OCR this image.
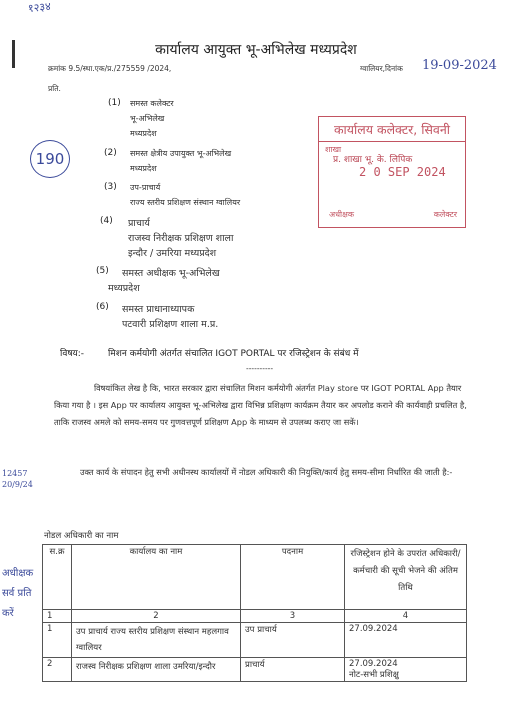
१२३४
कार्यालय आयुक्त भू-अभिलेख मध्यप्रदेश
क्रमांक 9.5/स्था.एक/प्र./275559 /2024,	ग्वालियर,दिनांक 19-09-2024
प्रति.
(1) समस्त कलेक्टर
भू-अभिलेख
मध्यप्रदेश
(2) समस्त क्षेत्रीय उपायुक्त भू-अभिलेख
मध्यप्रदेश
(3) उप-प्राचार्य
राज्य स्तरीय प्रशिक्षण संस्थान ग्वालियर
(4) प्राचार्य
राजस्व निरीक्षक प्रशिक्षण शाला
इन्दौर / उमरिया मध्यप्रदेश
(5) समस्त अधीक्षक भू-अभिलेख
मध्यप्रदेश
(6) समस्त प्राधानाध्यापक
पटवारी प्रशिक्षण शाला म.प्र.
कार्यालय कलेक्टर, सिवनी
शाखा
प्र. शाखा भू. के. लिपिक
2 0 SEP 2024
अधीक्षक	कलेक्टर
190
विषय:-	मिशन कर्मयोगी अंतर्गत संचालित IGOT PORTAL पर रजिस्ट्रेशन के संबंध में
----------
विषयांकित लेख है कि, भारत सरकार द्वारा संचालित मिशन कर्मयोगी अंतर्गत Play store पर IGOT PORTAL App तैयार किया गया है । इस App पर कार्यालय आयुक्त भू-अभिलेख द्वारा विभिन्न प्रशिक्षण कार्यक्रम तैयार कर अपलोड कराने की कार्यवाही प्रचलित है, ताकि राजस्व अमले को समय-समय पर गुणवत्तपूर्ण प्रशिक्षण App के माध्यम से उपलब्ध कराए जा सकें।
उक्त कार्य के संपादन हेतु सभी अधीनस्थ कार्यालयों में नोडल अधिकारी की नियुक्ति/कार्य हेतु समय-सीमा निर्धारित की जाती है:-
12457 20/9/24
अधीक्षक सर्व प्रति करें
नोडल अधिकारी का नाम
स.क्र	कार्यालय का नाम	पदनाम	रजिस्ट्रेशन होने के उपरांत अधिकारी/कर्मचारी की सूची भेजने की अंतिम तिथि
1	2	3	4
1	उप प्राचार्य राज्य स्तरीय प्रशिक्षण संस्थान महलगाव ग्वालियर	उप प्राचार्य	27.09.2024
2	राजस्व निरीक्षक प्रशिक्षण शाला उमरिया/इन्दौर	प्राचार्य	27.09.2024
नोट-सभी प्रशिक्षु
